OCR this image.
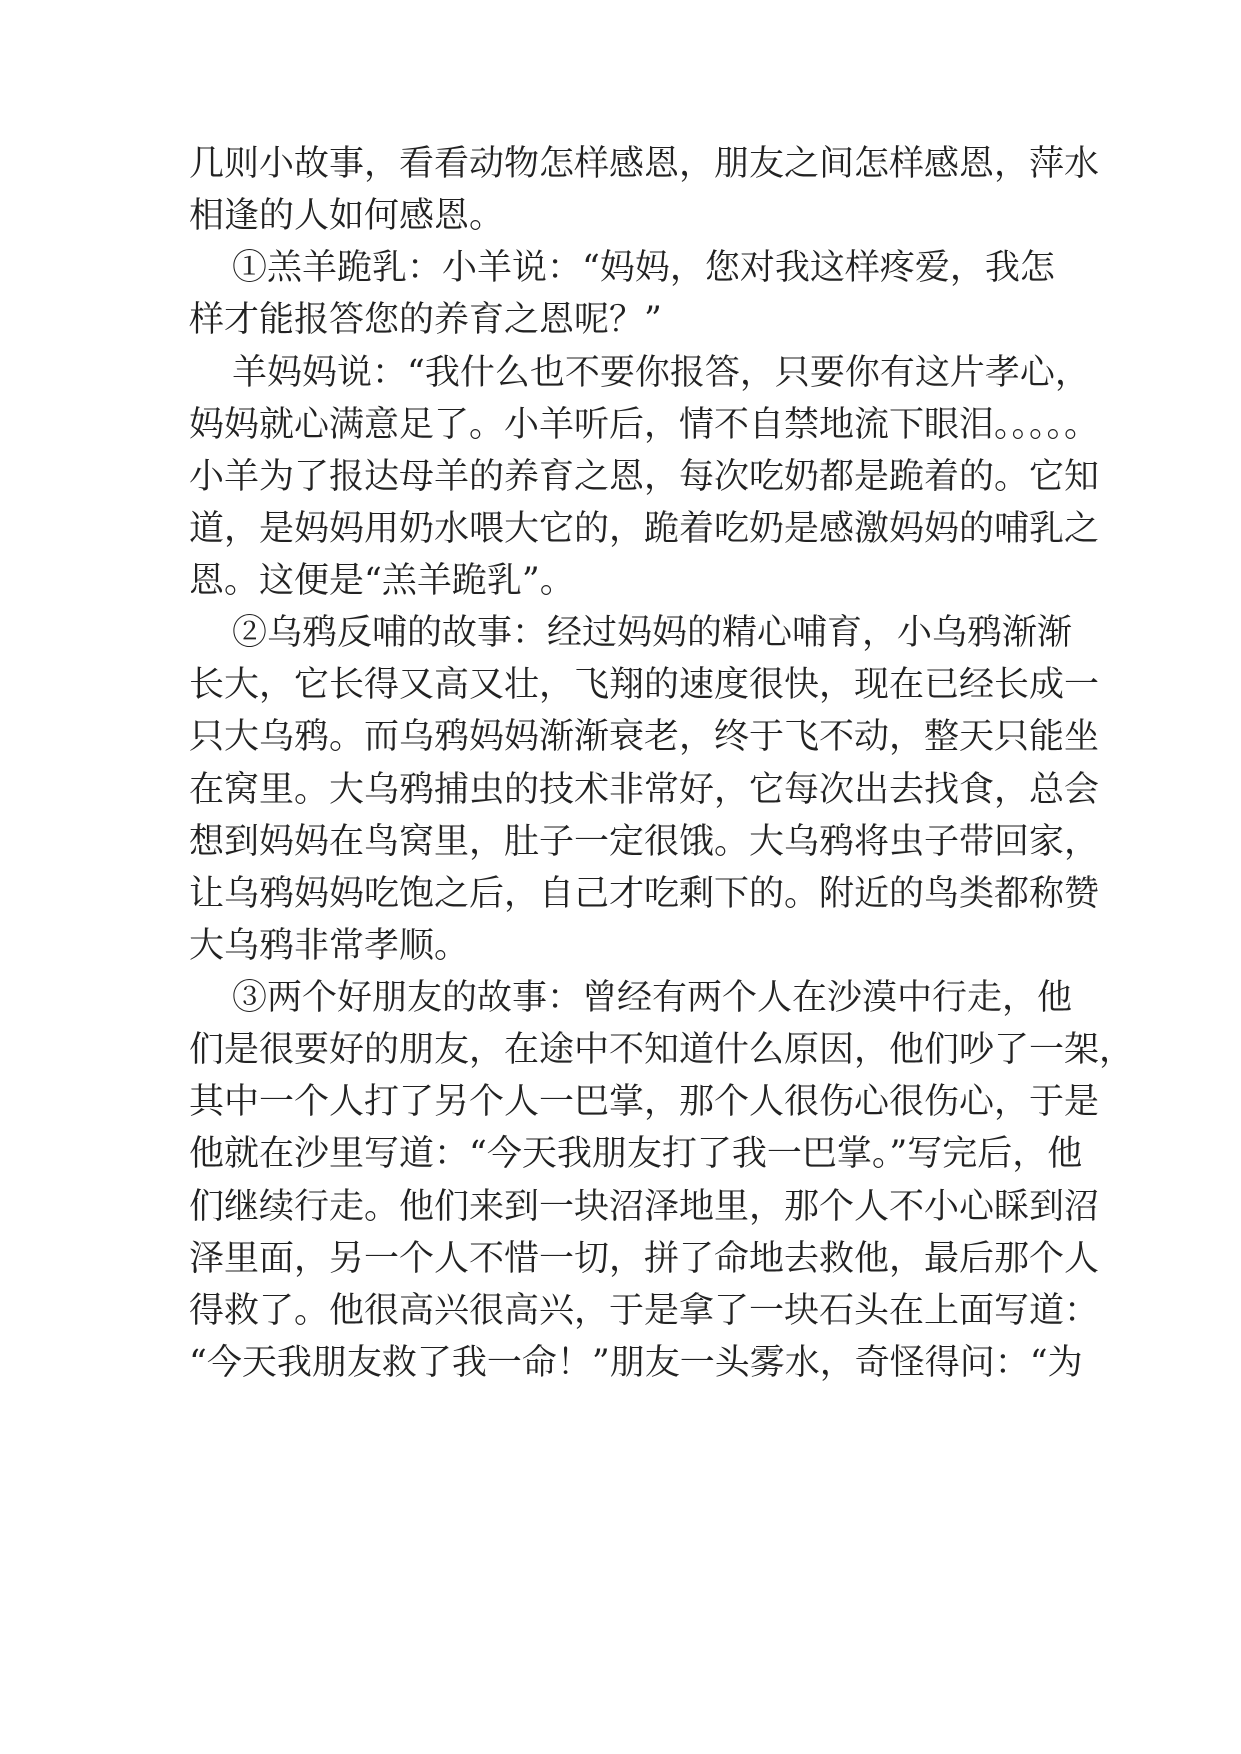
几则小故事，看看动物怎样感恩，朋友之间怎样感恩，萍水
相逢的人如何感恩。
①羔羊跪乳：小羊说：“妈妈，您对我这样疼爱，我怎
样才能报答您的养育之恩呢？”
羊妈妈说：“我什么也不要你报答，只要你有这片孝心，
妈妈就心满意足了。小羊听后，情不自禁地流下眼泪。。。。。
小羊为了报达母羊的养育之恩，每次吃奶都是跪着的。它知
道，是妈妈用奶水喂大它的，跪着吃奶是感激妈妈的哺乳之
恩。这便是“羔羊跪乳”。
②乌鸦反哺的故事：经过妈妈的精心哺育，小乌鸦渐渐
长大，它长得又高又壮，飞翔的速度很快，现在已经长成一
只大乌鸦。而乌鸦妈妈渐渐衰老，终于飞不动，整天只能坐
在窝里。大乌鸦捕虫的技术非常好，它每次出去找食，总会
想到妈妈在鸟窝里，肚子一定很饿。大乌鸦将虫子带回家，
让乌鸦妈妈吃饱之后，自己才吃剩下的。附近的鸟类都称赞
大乌鸦非常孝顺。
③两个好朋友的故事：曾经有两个人在沙漠中行走，他
们是很要好的朋友，在途中不知道什么原因，他们吵了一架，
其中一个人打了另个人一巴掌，那个人很伤心很伤心，于是
他就在沙里写道：“今天我朋友打了我一巴掌。”写完后，他
们继续行走。他们来到一块沼泽地里，那个人不小心睬到沼
泽里面，另一个人不惜一切，拼了命地去救他，最后那个人
得救了。他很高兴很高兴，于是拿了一块石头在上面写道：
“今天我朋友救了我一命！”朋友一头雾水，奇怪得问：“为
